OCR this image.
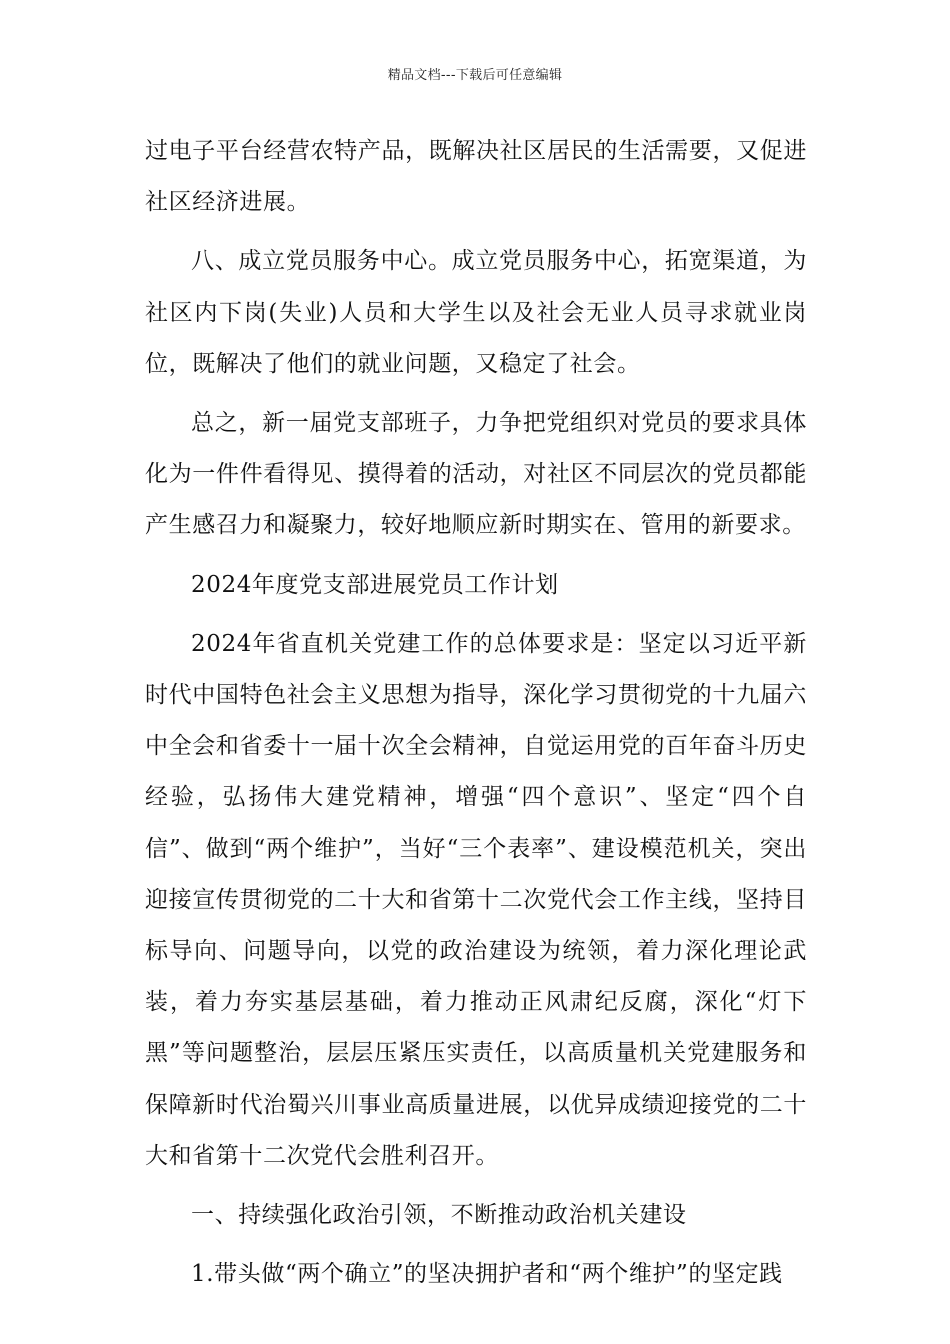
精品文档---下载后可任意编辑

过电子平台经营农特产品，既解决社区居民的生活需要，又促进社区经济进展。

八、成立党员服务中心。成立党员服务中心，拓宽渠道，为社区内下岗(失业)人员和大学生以及社会无业人员寻求就业岗位，既解决了他们的就业问题，又稳定了社会。

总之，新一届党支部班子，力争把党组织对党员的要求具体化为一件件看得见、摸得着的活动，对社区不同层次的党员都能产生感召力和凝聚力，较好地顺应新时期实在、管用的新要求。

2024年度党支部进展党员工作计划

2024年省直机关党建工作的总体要求是：坚定以习近平新时代中国特色社会主义思想为指导，深化学习贯彻党的十九届六中全会和省委十一届十次全会精神，自觉运用党的百年奋斗历史经验，弘扬伟大建党精神，增强“四个意识”、坚定“四个自信”、做到“两个维护”，当好“三个表率”、建设模范机关，突出迎接宣传贯彻党的二十大和省第十二次党代会工作主线，坚持目标导向、问题导向，以党的政治建设为统领，着力深化理论武装，着力夯实基层基础，着力推动正风肃纪反腐，深化“灯下黑”等问题整治，层层压紧压实责任，以高质量机关党建服务和保障新时代治蜀兴川事业高质量进展，以优异成绩迎接党的二十大和省第十二次党代会胜利召开。

一、持续强化政治引领，不断推动政治机关建设

1.带头做“两个确立”的坚决拥护者和“两个维护”的坚定践
